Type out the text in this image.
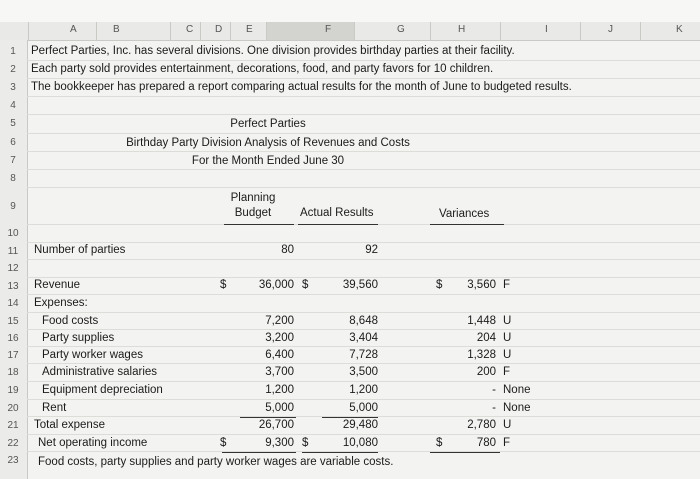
A	B	C D E	F	G	H	I	J	K
1
2
3
4
5
6
7
8
9
10
11
12
13
14
15
16
17
18
19
20
21
22
23
Perfect Parties, Inc. has several divisions. One division provides birthday parties at their facility.
Each party sold provides entertainment, decorations, food, and party favors for 10 children.
The bookkeeper has prepared a report comparing actual results for the month of June to budgeted results.
Perfect Parties
Birthday Party Division Analysis of Revenues and Costs
For the Month Ended June 30
Planning
Budget	Actual Results	Variances
Number of parties	80	92
Revenue	$	36,000 $	39,560	$	3,560 F
Expenses:
Food costs	7,200	8,648	1,448 U
Party supplies	3,200	3,404	204 U
Party worker wages	6,400	7,728	1,328 U
Administrative salaries	3,700	3,500	200 F
Equipment depreciation	1,200	1,200	- None
Rent	5,000	5,000	- None
Total expense	26,700	29,480	2,780 U
Net operating income	$	9,300 $	10,080	$	780 F
Food costs, party supplies and party worker wages are variable costs.
